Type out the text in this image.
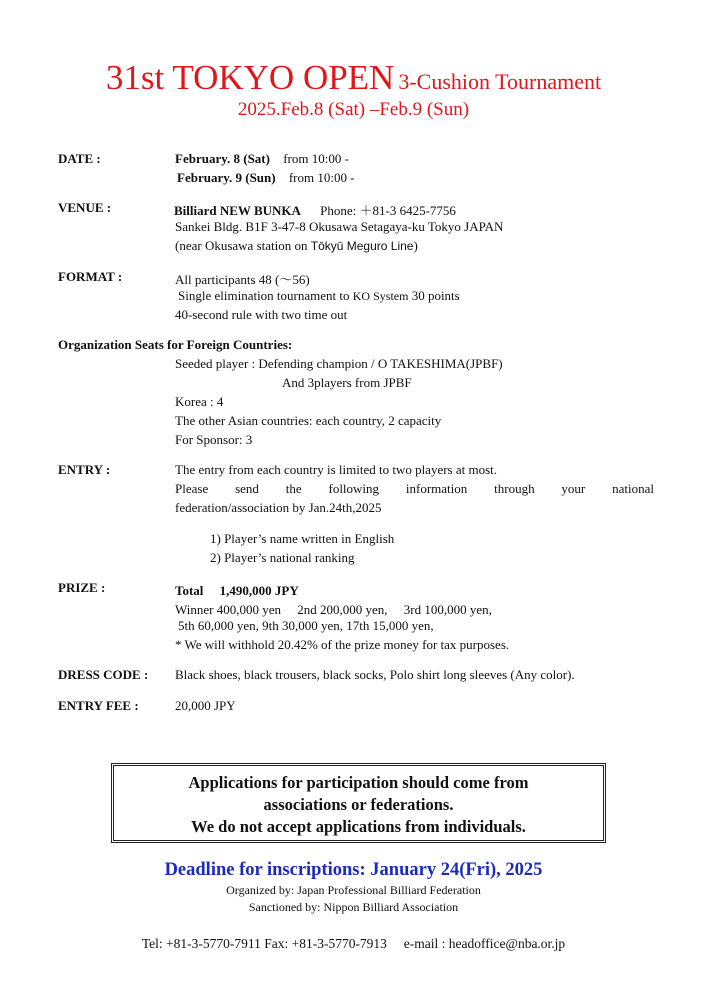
31st TOKYO OPEN 3-Cushion Tournament
2025.Feb.8 (Sat) –Feb.9 (Sun)
DATE :	February. 8 (Sat) from 10:00 -
February. 9 (Sun) from 10:00 -
VENUE :	Billiard NEW BUNKA Phone: ＋81-3 6425-7756
Sankei Bldg. B1F 3-47-8 Okusawa Setagaya-ku Tokyo JAPAN
(near Okusawa station on Tōkyū Meguro Line)
FORMAT :	All participants 48 (～56)
Single elimination tournament to KO System 30 points
40-second rule with two time out
Organization Seats for Foreign Countries:
Seeded player : Defending champion / O TAKESHIMA(JPBF)
And 3players from JPBF
Korea : 4
The other Asian countries: each country, 2 capacity
For Sponsor: 3
ENTRY :	The entry from each country is limited to two players at most.
Please send the following information through your national
federation/association by Jan.24th,2025
1) Player’s name written in English
2) Player’s national ranking
PRIZE :	Total　 1,490,000 JPY
Winner 400,000 yen　 2nd 200,000 yen,　 3rd 100,000 yen,
5th 60,000 yen, 9th 30,000 yen, 17th 15,000 yen,
* We will withhold 20.42% of the prize money for tax purposes.
DRESS CODE : Black shoes, black trousers, black socks, Polo shirt long sleeves (Any color).
ENTRY FEE :	20,000 JPY
Applications for participation should come from
associations or federations.
We do not accept applications from individuals.
Deadline for inscriptions: January 24(Fri), 2025
Organized by: Japan Professional Billiard Federation
Sanctioned by: Nippon Billiard Association
Tel: +81-3-5770-7911 Fax: +81-3-5770-7913　 e-mail : headoffice@nba.or.jp
